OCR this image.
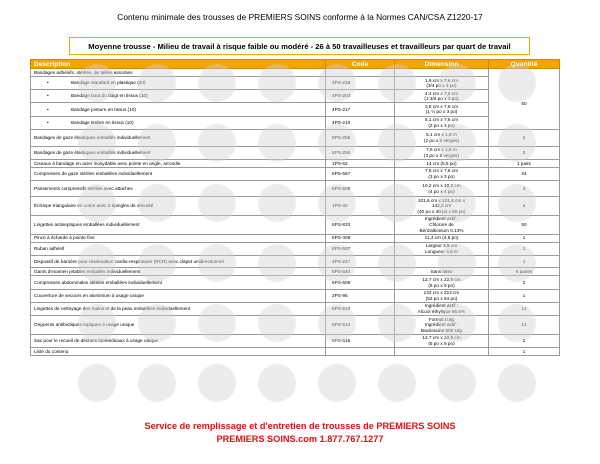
Contenu minimale des trousses de PREMIERS SOINS conforme à la Normes CAN/CSA Z1220-17
Moyenne trousse - Milieu de travail à risque faible ou modéré - 26 à 50 travailleuses et travailleurs par quart de travail
Description	Code	Dimension	Quantité
Bandages adhésifs, stériles, de tailles assorties			
• Bandage standard en plastique (20)	4PS-218	1,9 cm x 7,6 cm
(3/4 po x 3 po)	

• Bandage bout du doigt en tissus (10)	4PS-203	4.4 cm x 7,6 cm
(1 3/4 po x 3 po)	50
• Bandage jointure en tissus (10)	4PS-217	3,8 cm x 7,6 cm
(1 ½ po x 3 po)	

• Bandage timbre en tissus (10)	4PS-210	5,1 cm x 7,6 cm
(2 po x 3 po)	

Bandages de gaze élastiques emballés individuellement	5PS-255	5.1 cm x 1,8 m
(2 po x 2 verges)	2
Bandages de gaze élastiques emballés individuellement	5PS-256	7,6 cm x 1,8 m
(3 po x 2 verges)	2
Ciseaux à bandage en acier inoxydable avec pointe en angle, arrondie	1PS-62	14 cm (5,5 po)	1 paire
Compresses de gaze stériles emballées individuellement	6PS-567	7,6 cm x 7,6 cm
(3 po x 3 po)	24
Pansements compressifs stériles avec attaches	6PS-505	10,2 cm x 10,2 cm
(4 po x 4 po)	4
Écharpe triangulaire en coton avec 2 épingles de sécurité	1PS-42	101,6 cm x 101,6 cm x
142,2 cm
(40 po x 40 po x 56 po)	4
Lingettes antiseptiques emballées individuellement	6PS-833	Ingrédient actif :
Chlorure de
Benzalkonium 0.13%	50
Pince à écharde à pointe fine	5PS-309	11,4 cm (4,5 po)	1
Ruban adhésif	6PS-507	Largeur 2,5 cm
Longueur 4,6 m	1
Dispositif de barrière pour réanimation cardio-respiratoire (RCR) avec clapet unidirectionnel	4PS-247		1
Gants d'examen jetables emballés individuellement	6PS-640	Sans latex	8 paires
Compresses abdominales stériles emballées individuellement	6PS-509	12,7 cm x 22,9 cm
(5 po x 9 po)	2
Couverture de secours en aluminium à usage unique	2PS-95	132 cm x 213 cm
(52 po x 84 po)	1
Lingettes de nettoyage des mains et de la peau emballées individuellement	6PS-512	Ingrédient actif :
Alcool éthylique 66.5%	12
Onguents antibiotiques topiques à usage unique	6PS-514	Format 0,9g
Ingrédient actif :
Bacitracine 500 U/g	12
Sac pour le recueil de déchets biomédicaux à usage unique	6PS-516	12,7 cm x 22,9 cm
(5 po x 9 po)	2
Liste du contenu			1
Service de remplissage et d'entretien de trousses de PREMIERS SOINS
PREMIERS SOINS.com 1.877.767.1277
